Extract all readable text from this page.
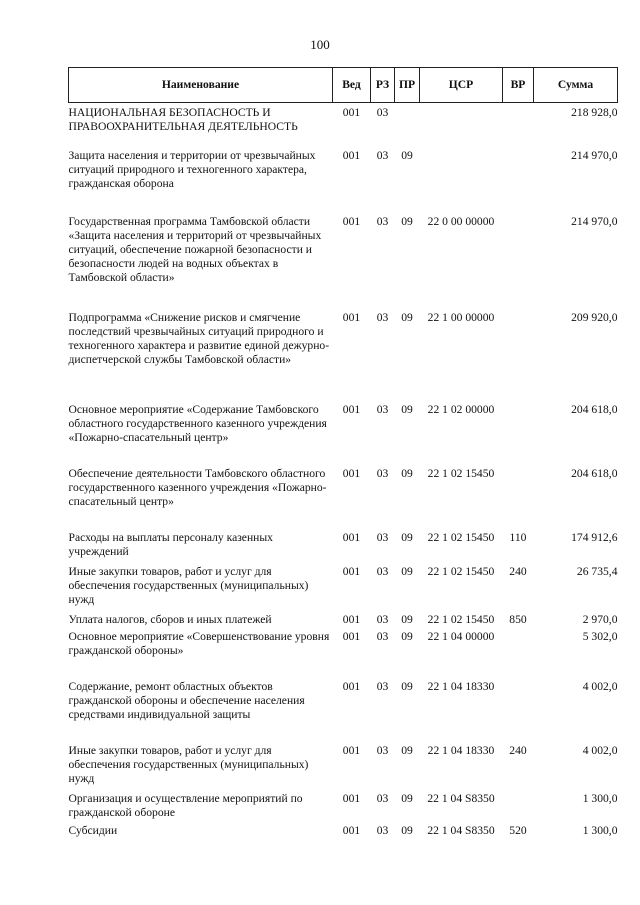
100
Наименование	Вед	РЗ	ПР	ЦСР	ВР	Сумма

НАЦИОНАЛЬНАЯ БЕЗОПАСНОСТЬ И ПРАВООХРАНИТЕЛЬНАЯ ДЕЯТЕЛЬНОСТЬ	001	03				218 928,0

Защита населения и территории от чрезвычайных ситуаций природного и техногенного характера, гражданская оборона	001	03	09			214 970,0

Государственная программа Тамбовской области «Защита населения и территорий от чрезвычайных ситуаций, обеспечение пожарной безопасности и безопасности людей на водных объектах в Тамбовской области»	001	03	09	22 0 00 00000		214 970,0

Подпрограмма «Снижение рисков и смягчение последствий чрезвычайных ситуаций природного и техногенного характера и развитие единой дежурно-диспетчерской службы Тамбовской области»	001	03	09	22 1 00 00000		209 920,0

Основное мероприятие «Содержание Тамбовского областного государственного казенного учреждения «Пожарно-спасательный центр»	001	03	09	22 1 02 00000		204 618,0

Обеспечение деятельности Тамбовского областного государственного казенного учреждения «Пожарно-спасательный центр»	001	03	09	22 1 02 15450		204 618,0

Расходы на выплаты персоналу казенных учреждений	001	03	09	22 1 02 15450	110	174 912,6

Иные закупки товаров, работ и услуг для обеспечения государственных (муниципальных) нужд	001	03	09	22 1 02 15450	240	26 735,4

Уплата налогов, сборов и иных платежей	001	03	09	22 1 02 15450	850	2 970,0

Основное мероприятие «Совершенствование уровня гражданской обороны»	001	03	09	22 1 04 00000		5 302,0

Содержание, ремонт областных объектов гражданской обороны и обеспечение населения средствами индивидуальной защиты	001	03	09	22 1 04 18330		4 002,0

Иные закупки товаров, работ и услуг для обеспечения государственных (муниципальных) нужд	001	03	09	22 1 04 18330	240	4 002,0

Организация и осуществление мероприятий по гражданской обороне	001	03	09	22 1 04 S8350		1 300,0

Субсидии	001	03	09	22 1 04 S8350	520	1 300,0
